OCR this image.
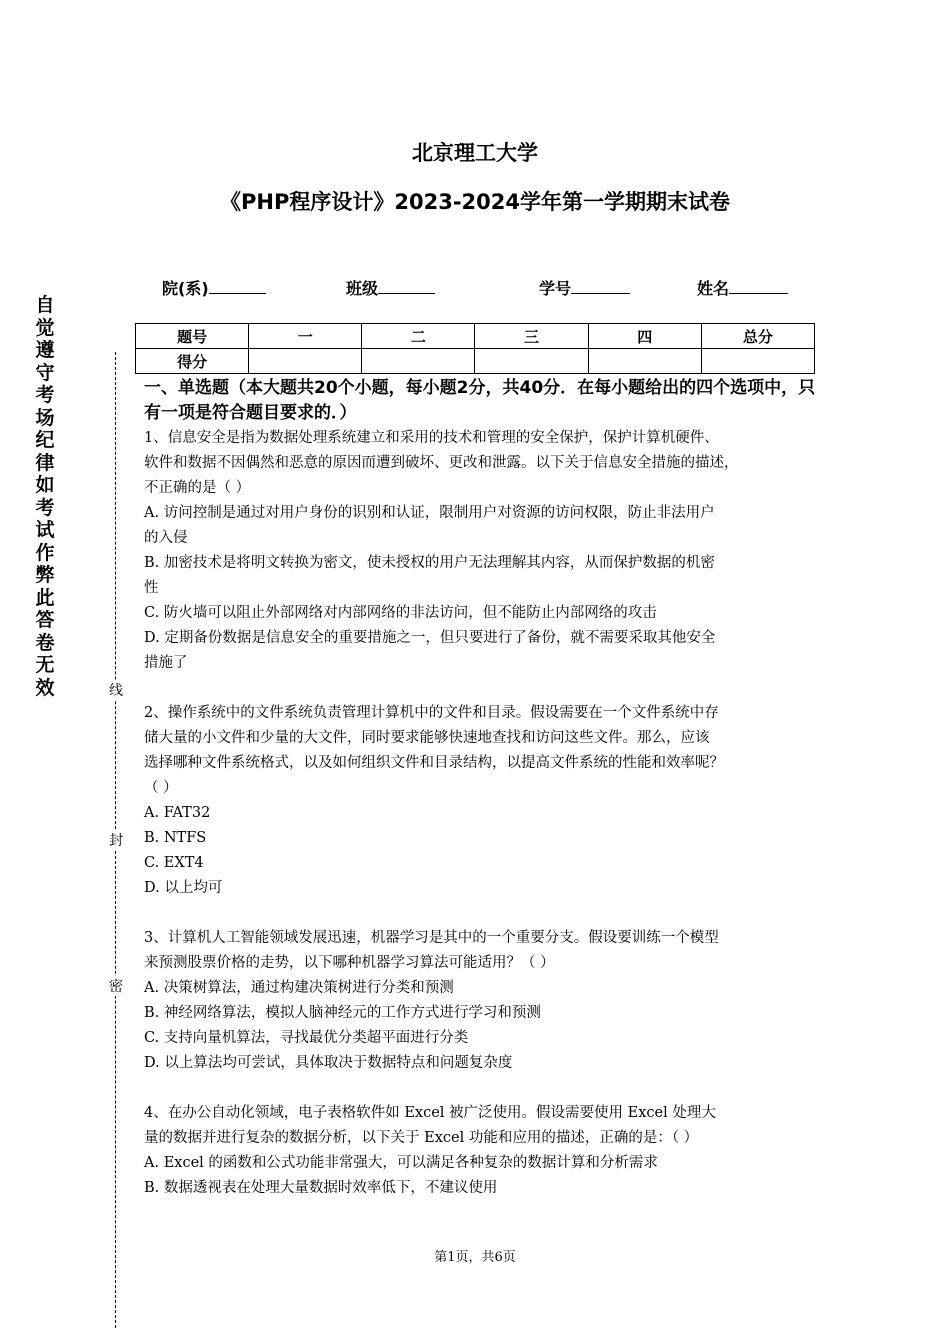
北京理工大学
《PHP程序设计》2023-2024学年第一学期期末试卷
院(系)	班级	学号	姓名
题号	一	二	三	四	总分
得分					
自觉遵守考场纪律如考试作弊此答卷无效	线
封
密
一、单选题（本大题共20个小题，每小题2分，共40分．在每小题给出的四个选项中，只有一项是符合题目要求的．）
1、信息安全是指为数据处理系统建立和采用的技术和管理的安全保护，保护计算机硬件、
软件和数据不因偶然和恶意的原因而遭到破坏、更改和泄露。以下关于信息安全措施的描述，
不正确的是（ ）
A. 访问控制是通过对用户身份的识别和认证，限制用户对资源的访问权限，防止非法用户
的入侵
B. 加密技术是将明文转换为密文，使未授权的用户无法理解其内容，从而保护数据的机密
性
C. 防火墙可以阻止外部网络对内部网络的非法访问，但不能防止内部网络的攻击
D. 定期备份数据是信息安全的重要措施之一，但只要进行了备份，就不需要采取其他安全
措施了
2、操作系统中的文件系统负责管理计算机中的文件和目录。假设需要在一个文件系统中存
储大量的小文件和少量的大文件，同时要求能够快速地查找和访问这些文件。那么，应该
选择哪种文件系统格式，以及如何组织文件和目录结构，以提高文件系统的性能和效率呢？
（ ）
A. FAT32
B. NTFS
C. EXT4
D. 以上均可
3、计算机人工智能领域发展迅速，机器学习是其中的一个重要分支。假设要训练一个模型
来预测股票价格的走势，以下哪种机器学习算法可能适用？（ ）
A. 决策树算法，通过构建决策树进行分类和预测
B. 神经网络算法，模拟人脑神经元的工作方式进行学习和预测
C. 支持向量机算法，寻找最优分类超平面进行分类
D. 以上算法均可尝试，具体取决于数据特点和问题复杂度
4、在办公自动化领域，电子表格软件如 Excel 被广泛使用。假设需要使用 Excel 处理大
量的数据并进行复杂的数据分析，以下关于 Excel 功能和应用的描述，正确的是：（ ）
A. Excel 的函数和公式功能非常强大，可以满足各种复杂的数据计算和分析需求
B. 数据透视表在处理大量数据时效率低下，不建议使用
第1页，共6页
